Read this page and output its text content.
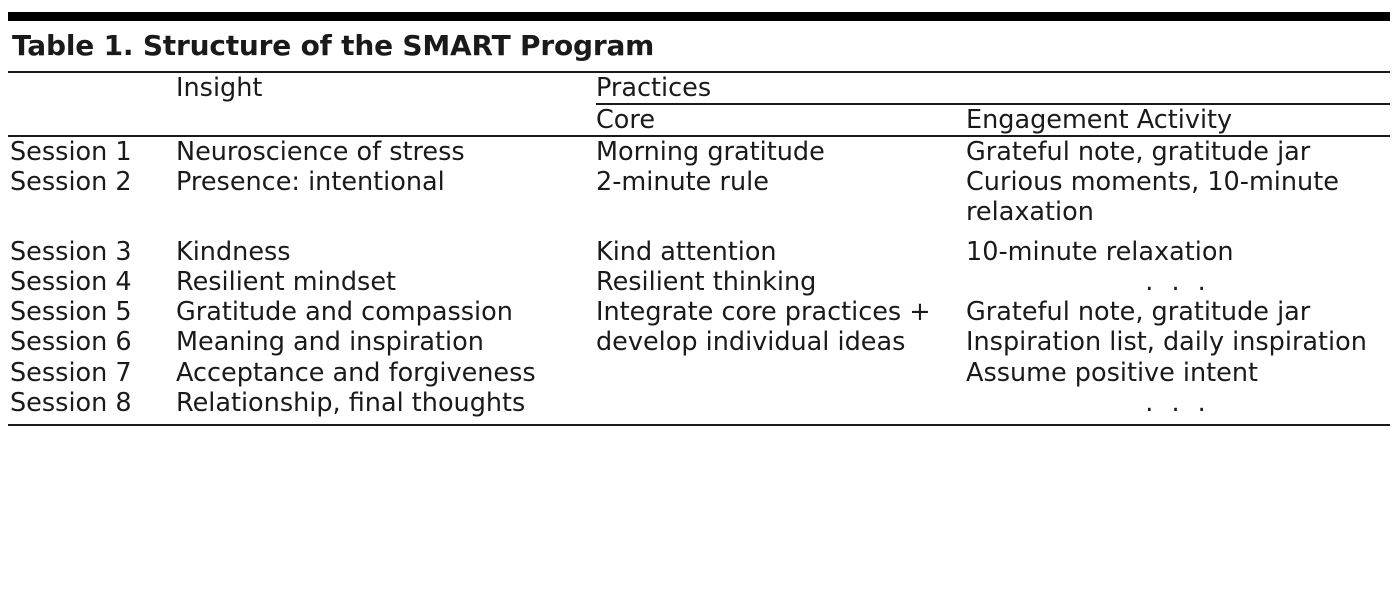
Table 1. Structure of the SMART Program
	Insight	Practices	

		Core	Engagement Activity

Session 1	Neuroscience of stress	Morning gratitude	Grateful note, gratitude jar
Session 2	Presence: intentional	2-minute rule	Curious moments, 10-minute relaxation

Session 3	Kindness	Kind attention	10-minute relaxation
Session 4	Resilient mindset	Resilient thinking	. . .

Session 5	Gratitude and compassion	Integrate core practices + develop individual ideas	Grateful note, gratitude jar
Session 6	Meaning and inspiration		Inspiration list, daily inspiration
Session 7	Acceptance and forgiveness		Assume positive intent
Session 8	Relationship, final thoughts		. . .
